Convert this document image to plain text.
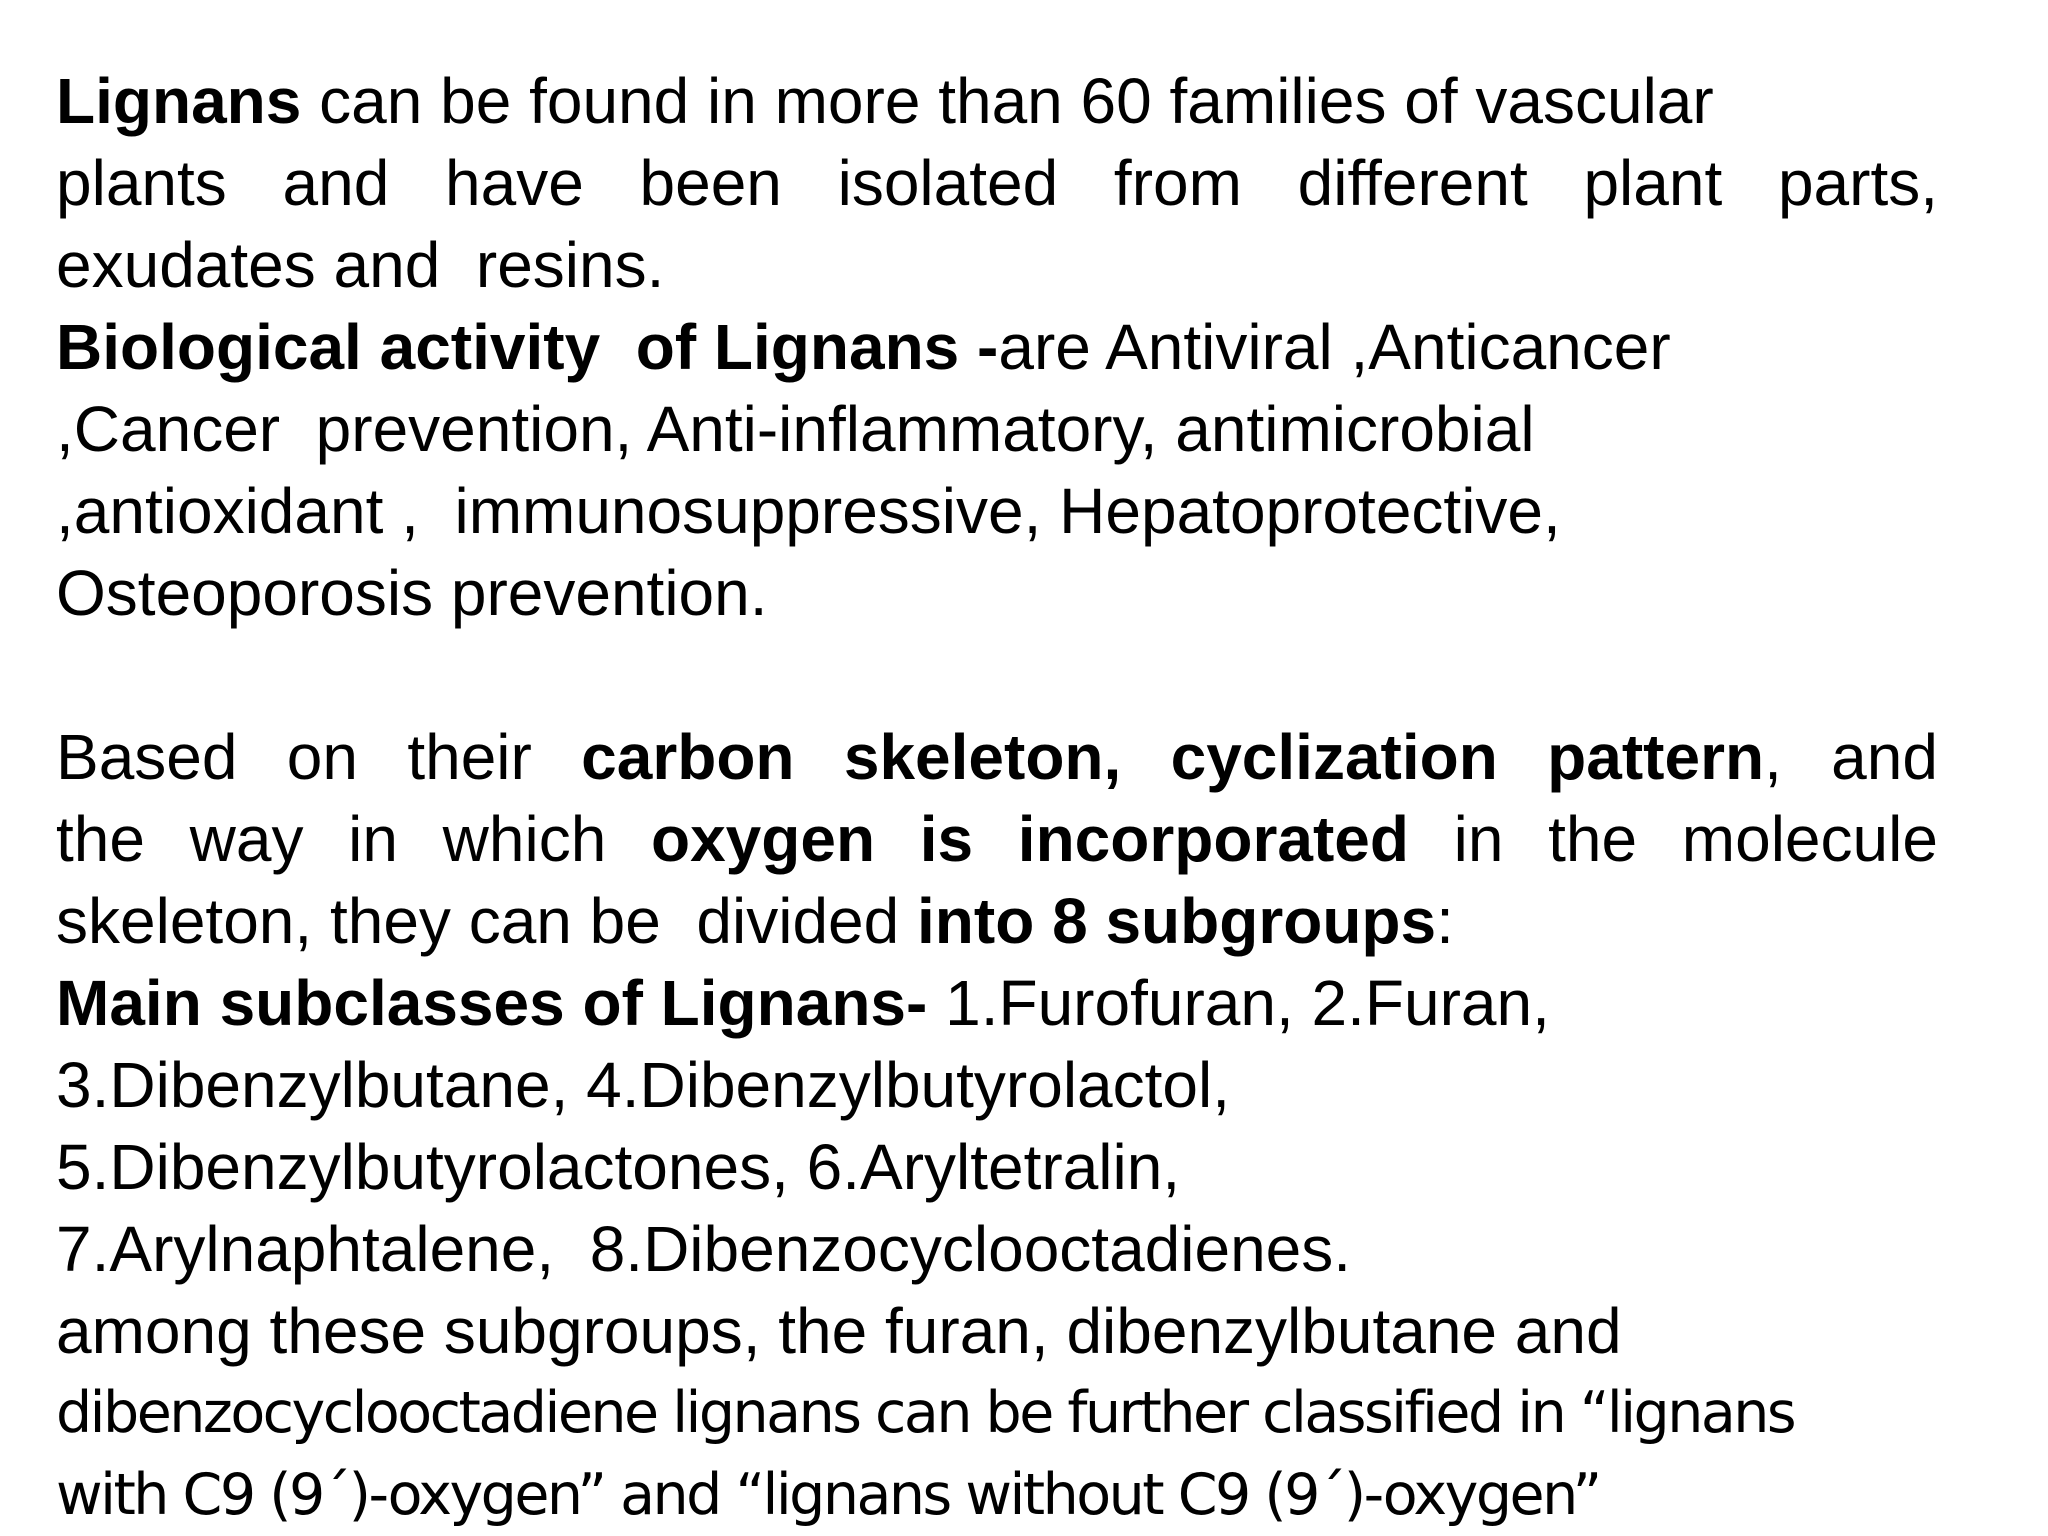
Lignans can be found in more than 60 families of vascular

plants and have been isolated from different plant parts,

exudates and  resins.

Biological activity  of Lignans -are Antiviral ,Anticancer

,Cancer  prevention, Anti-inflammatory, antimicrobial

,antioxidant ,  immunosuppressive, Hepatoprotective,

Osteoporosis prevention.

Based on their carbon skeleton, cyclization pattern, and

the way in which oxygen is incorporated in the molecule

skeleton, they can be  divided into 8 subgroups:

Main subclasses of Lignans- 1.Furofuran, 2.Furan,

3.Dibenzylbutane, 4.Dibenzylbutyrolactol,

5.Dibenzylbutyrolactones, 6.Aryltetralin,

7.Arylnaphtalene,  8.Dibenzocyclooctadienes.

among these subgroups, the furan, dibenzylbutane and

dibenzocyclooctadiene lignans can be further classified in “lignans

with C9 (9´)-oxygen” and “lignans without C9 (9´)-oxygen”
